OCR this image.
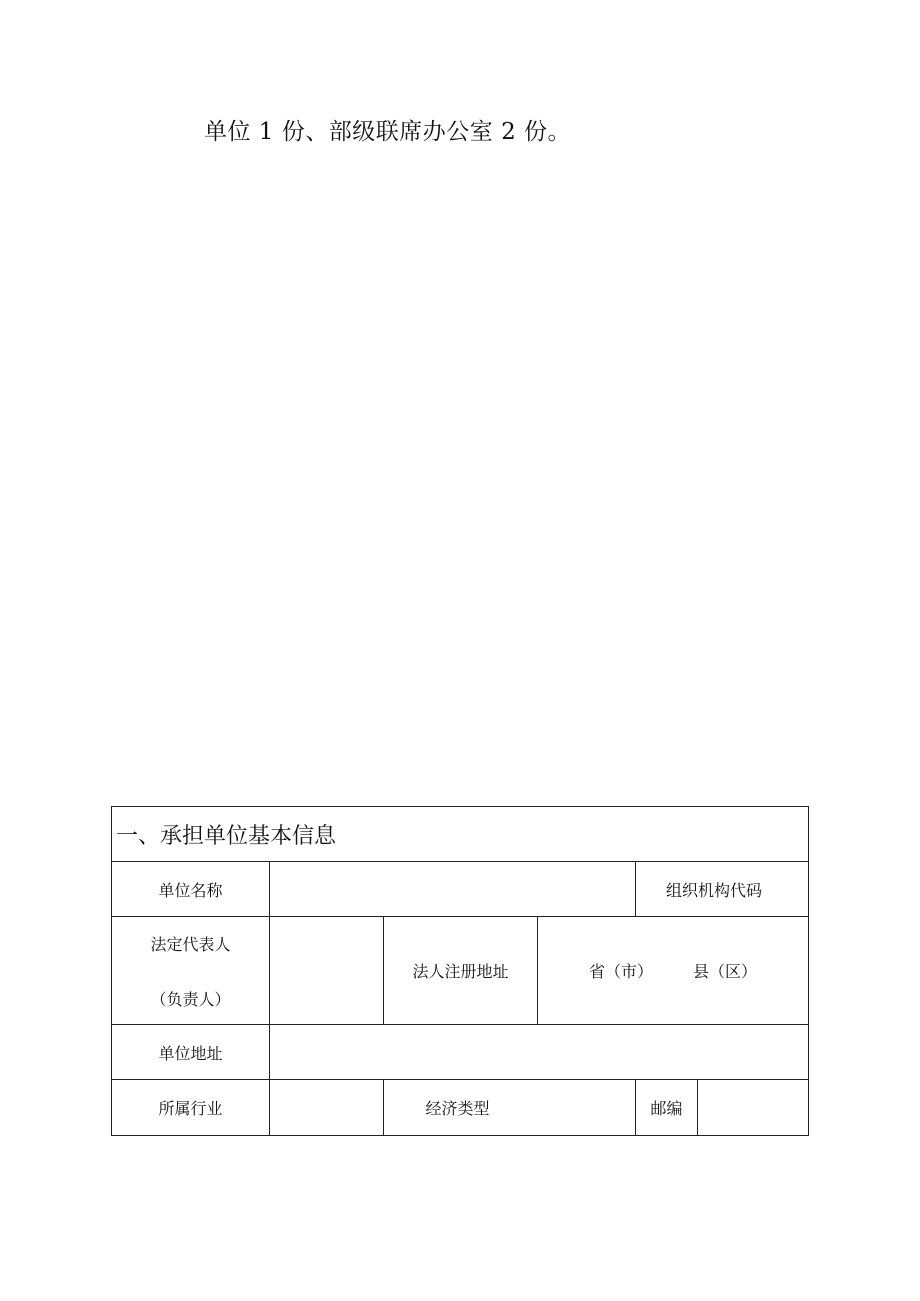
单位 1 份、部级联席办公室 2 份。
一、承担单位基本信息					
单位名称				组织机构代码	

法定代表人
（负责人）		法人注册地址	省（市） 县（区）		

单位地址					
所属行业		经济类型		邮编	
